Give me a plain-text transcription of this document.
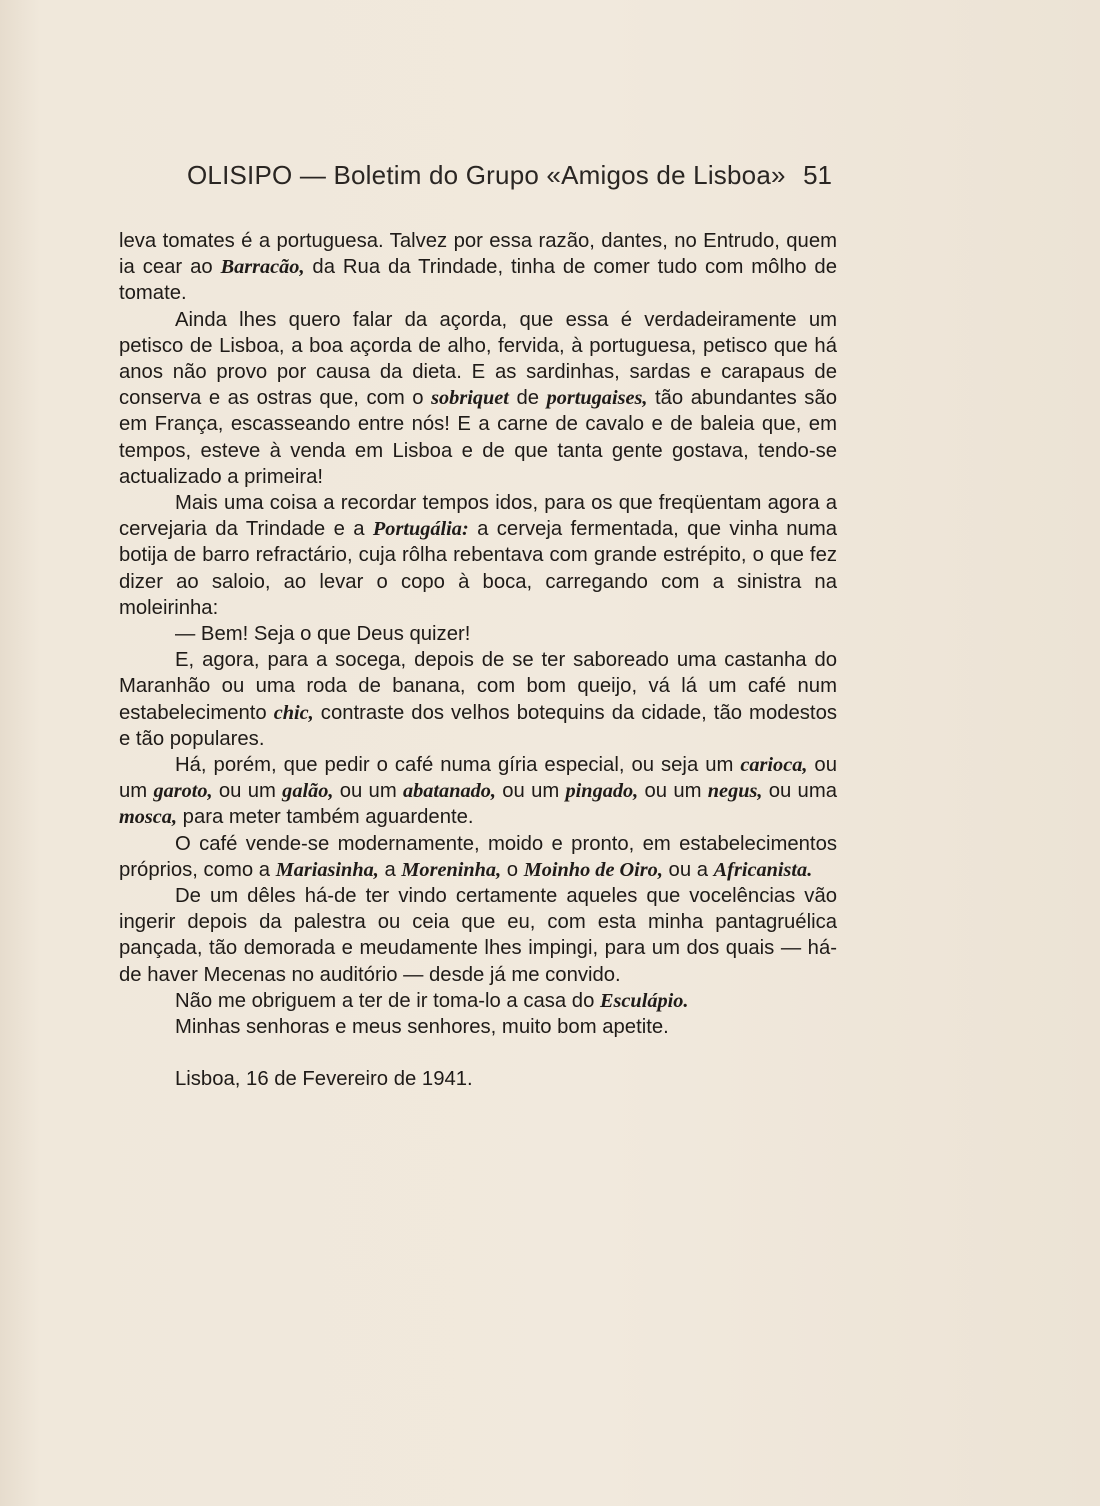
OLISIPO — Boletim do Grupo «Amigos de Lisboa» 51

leva tomates é a portuguesa. Talvez por essa razão, dantes, no Entrudo, quem ia cear ao Barracão, da Rua da Trindade, tinha de comer tudo com môlho de tomate.

Ainda lhes quero falar da açorda, que essa é verdadeiramente um petisco de Lisboa, a boa açorda de alho, fervida, à portuguesa, petisco que há anos não provo por causa da dieta. E as sardinhas, sardas e carapaus de conserva e as ostras que, com o sobriquet de portugaises, tão abundantes são em França, escasseando entre nós! E a carne de cavalo e de baleia que, em tempos, esteve à venda em Lisboa e de que tanta gente gostava, tendo-se actualizado a primeira!

Mais uma coisa a recordar tempos idos, para os que freqüentam agora a cervejaria da Trindade e a Portugália: a cerveja fermentada, que vinha numa botija de barro refractário, cuja rôlha rebentava com grande estrépito, o que fez dizer ao saloio, ao levar o copo à boca, carregando com a sinistra na moleirinha:

— Bem! Seja o que Deus quizer!

E, agora, para a socega, depois de se ter saboreado uma castanha do Maranhão ou uma roda de banana, com bom queijo, vá lá um café num estabelecimento chic, contraste dos velhos botequins da cidade, tão modestos e tão populares.

Há, porém, que pedir o café numa gíria especial, ou seja um carioca, ou um garoto, ou um galão, ou um abatanado, ou um pingado, ou um negus, ou uma mosca, para meter também aguardente.

O café vende-se modernamente, moido e pronto, em estabelecimentos próprios, como a Mariasinha, a Moreninha, o Moinho de Oiro, ou a Africanista.

De um dêles há-de ter vindo certamente aqueles que vocelências vão ingerir depois da palestra ou ceia que eu, com esta minha pantagruélica pançada, tão demorada e meudamente lhes impingi, para um dos quais — há-de haver Mecenas no auditório — desde já me convido.

Não me obriguem a ter de ir toma-lo a casa do Esculápio.

Minhas senhoras e meus senhores, muito bom apetite.

Lisboa, 16 de Fevereiro de 1941.
